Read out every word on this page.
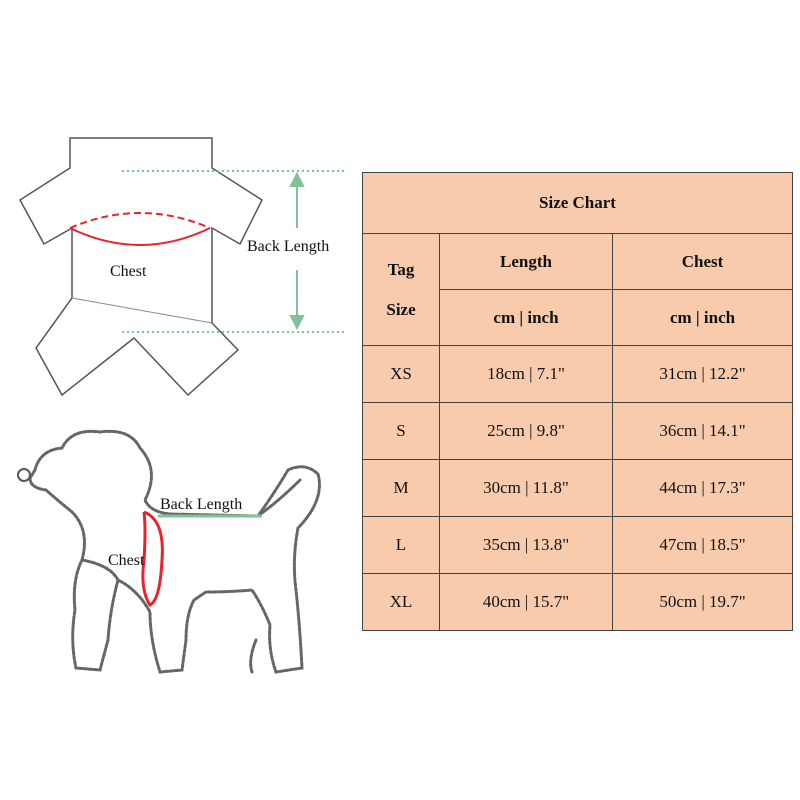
Chest
Back Length
Back Length
Chest
Size Chart		

Tag
Size	Length	Chest
	cm | inch	cm | inch
XS	18cm | 7.1"	31cm | 12.2"
S	25cm | 9.8"	36cm | 14.1"
M	30cm | 11.8"	44cm | 17.3"
L	35cm | 13.8"	47cm | 18.5"
XL	40cm | 15.7"	50cm | 19.7"
